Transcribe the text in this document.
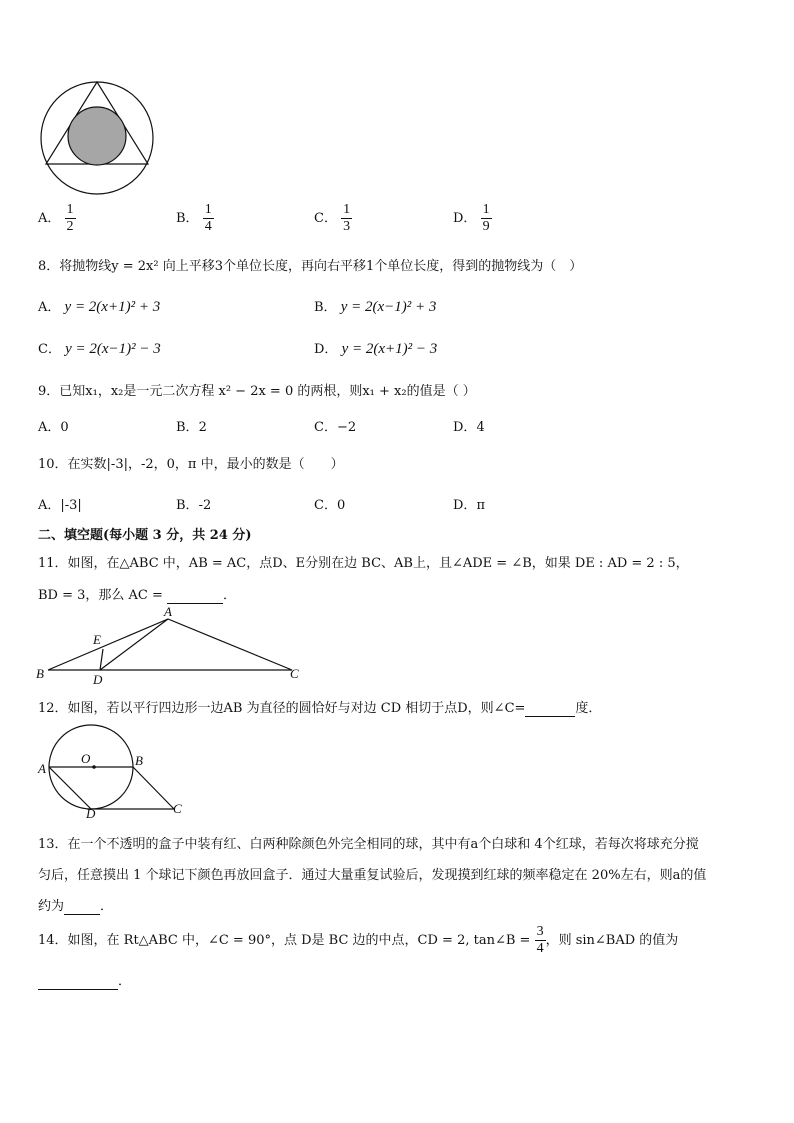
A． $\frac{1}{2}$	B． $\frac{1}{4}$	C． $\frac{1}{3}$	D． $\frac{1}{9}$
8．将抛物线y = 2x² 向上平移3个单位长度，再向右平移1个单位长度，得到的抛物线为（　）
A． y = 2(x+1)² + 3	B． y = 2(x−1)² + 3
C． y = 2(x−1)² − 3	D． y = 2(x+1)² − 3
9．已知x₁，x₂是一元二次方程 x² − 2x = 0 的两根，则x₁ + x₂的值是（ ）
A．0	B．2	C．−2	D．4
10．在实数|-3|，-2，0，π 中，最小的数是（　　）
A．|-3|	B．-2	C．0	D．π
二、填空题(每小题 3 分，共 24 分)
11．如图，在△ABC 中，AB = AC，点D、E分别在边 BC、AB上，且∠ADE = ∠B，如果 DE : AD = 2 : 5，
BD = 3，那么 AC =	．
A
B	C
D
E
12．如图，若以平行四边形一边AB 为直径的圆恰好与对边 CD 相切于点D，则∠C=	度．
O
A
B
C
D
13．在一个不透明的盒子中装有红、白两种除颜色外完全相同的球，其中有a个白球和 4个红球，若每次将球充分搅
匀后，任意摸出 1 个球记下颜色再放回盒子．通过大量重复试验后，发现摸到红球的频率稳定在 20%左右，则a的值
约为	．
14．如图，在 Rt△ABC 中，∠C = 90°，点 D是 BC 边的中点，CD = 2, tan∠B = $\frac{3}{4}$ ，则 sin∠BAD 的值为
．
